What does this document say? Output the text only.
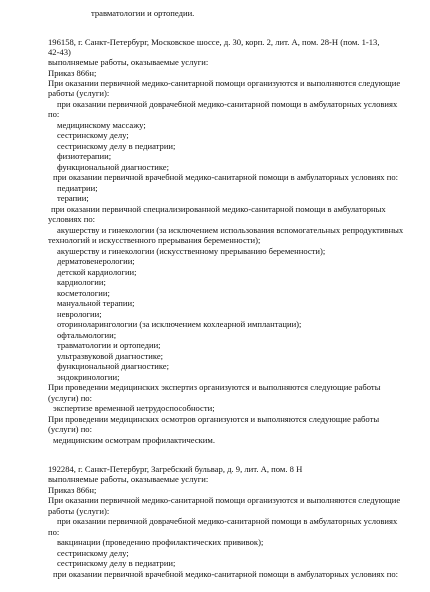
травматологии и ортопедии.
196158, г. Санкт-Петербург, Московское шоссе, д. 30, корп. 2, лит. А, пом. 28-Н (пом. 1-13,
42-43)
выполняемые работы, оказываемые услуги:
Приказ 866н;
При оказании первичной медико-санитарной помощи организуются и выполняются следующие
работы (услуги):
при оказании первичной доврачебной медико-санитарной помощи в амбулаторных условиях
по:
медицинскому массажу;
сестринскому делу;
сестринскому делу в педиатрии;
физиотерапии;
функциональной диагностике;
при оказании первичной врачебной медико-санитарной помощи в амбулаторных условиях по:
педиатрии;
терапии;
при оказании первичной специализированной медико-санитарной помощи в амбулаторных
условиях по:
акушерству и гинекологии (за исключением использования вспомогательных репродуктивных
технологий и искусственного прерывания беременности);
акушерству и гинекологии (искусственному прерыванию беременности);
дерматовенерологии;
детской кардиологии;
кардиологии;
косметологии;
мануальной терапии;
неврологии;
оториноларингологии (за исключением кохлеарной имплантации);
офтальмологии;
травматологии и ортопедии;
ультразвуковой диагностике;
функциональной диагностике;
эндокринологии;
При проведении медицинских экспертиз организуются и выполняются следующие работы
(услуги) по:
экспертизе временной нетрудоспособности;
При проведении медицинских осмотров организуются и выполняются следующие работы
(услуги) по:
медицинским осмотрам профилактическим.
192284, г. Санкт-Петербург, Загребский бульвар, д. 9, лит. А, пом. 8 Н
выполняемые работы, оказываемые услуги:
Приказ 866н;
При оказании первичной медико-санитарной помощи организуются и выполняются следующие
работы (услуги):
при оказании первичной доврачебной медико-санитарной помощи в амбулаторных условиях
по:
вакцинации (проведению профилактических прививок);
сестринскому делу;
сестринскому делу в педиатрии;
при оказании первичной врачебной медико-санитарной помощи в амбулаторных условиях по:
